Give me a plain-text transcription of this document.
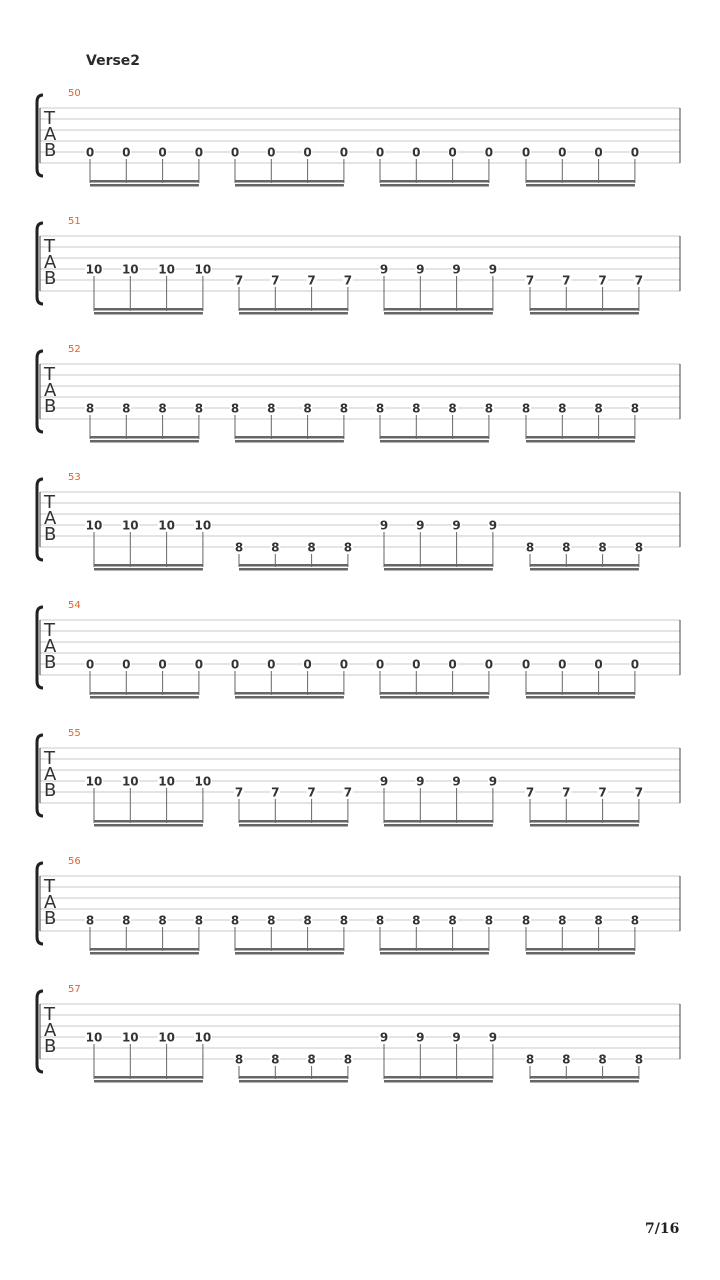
Verse2
T
A
B
50
0 0 0 0 0 0 0 0 0 0 0 0 0 0 0 0
T
A
B
51
10 10 10 10
7 7 7 7
9 9 9 9
7 7 7 7
T
A
B
52
8 8 8 8 8 8 8 8 8 8 8 8 8 8 8 8
T
A
B
53
10 10 10 10
8 8 8 8
9 9 9 9
8 8 8 8
T
A
B
54
0 0 0 0 0 0 0 0 0 0 0 0 0 0 0 0
T
A
B
55
10 10 10 10
7 7 7 7
9 9 9 9
7 7 7 7
T
A
B
56
8 8 8 8 8 8 8 8 8 8 8 8 8 8 8 8
T
A
B
57
10 10 10 10
8 8 8 8
9 9 9 9
8 8 8 8
7/16
